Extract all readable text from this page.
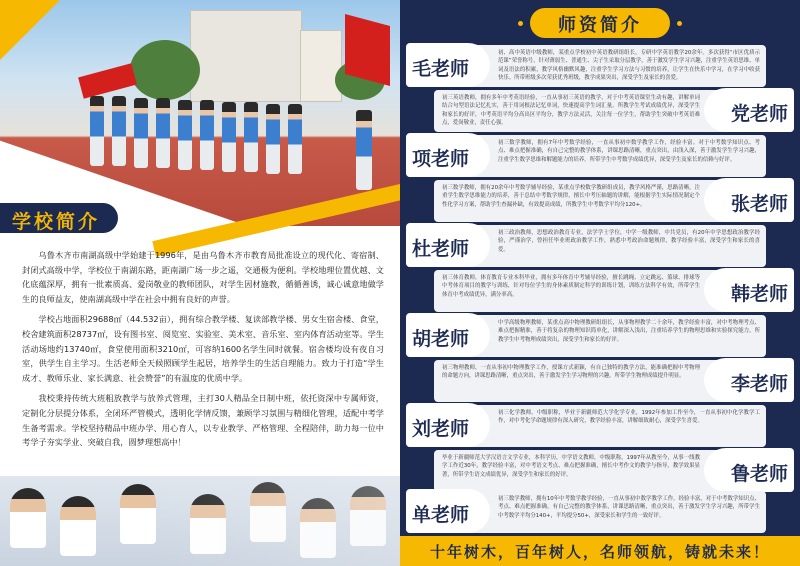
学校简介

乌鲁木齐市南湖高级中学始建于1996年，是由乌鲁木齐市教育局批准设立的现代化、寄宿制、封闭式高级中学，学校位于南湖东路，距南湖广场一步之遥，交通极为便利。学校地理位置优越、文化底蕴深厚，拥有一批素质高、爱岗敬业的教师团队，对学生因材施教，循循善诱，诚心诚意地做学生的良师益友，使南湖高级中学在社会中拥有良好的声誉。

学校占地面积29688㎡（44.532亩），拥有综合教学楼、复读部教学楼、男女生宿舍楼、食堂，校舍建筑面积28737㎡，设有图书室、阅览室、实验室、美术室、音乐室、室内体育活动室等。学生活动场地约13740㎡，食堂使用面积3210㎡，可容纳1600名学生同时就餐。宿舍楼均设有夜自习室，供学生自主学习。生活老师全天候照顾学生起居，培养学生的生活自理能力。致力于打造“学生成才、教师乐业、家长满意、社会赞誉”的有温度的优质中学。

我校秉持传统大班粗放教学与放养式管理，主打30人精品全日制中班，依托资深中专属师资，定制化分层提分体系，全闭环严管模式，透明化学情反馈，兼顾学习氛围与精细化管理，适配中考学生备考需求。学校坚持精品中班办学、用心育人，以专业教学、严格管理、全程陪伴，助力每一位中考学子夯实学业、突破自我，圆梦理想高中！

师资简介
毛老师
初、高中英语中级教师，某重点学校初中英语教研组组长，专研中学英语教学20余年。多次获得“市区优质示范课”荣誉称号，针对薄弱生、普通生、尖子生采取分层教学，善于激发学生学习兴趣，注重学生英语思维、单词及语法的积累，教学风格幽默风趣，注重学生学习方法与习惯的培养，让学生在快乐中学习，在学习中收获快乐。所带班级多次荣获优秀班级，教学成果突出，深受学生及家长的喜爱。
党老师
初三英语教师，拥有多年中考英语经验，一直从事初三英语的教学，对于中考英语课堂生动有趣，讲解单词结合句型语法记忆扎实，善于用词根法记忆单词，快速提高学生词汇量。所教学生考试成绩优异，深受学生和家长的好评，中考英语平均分高出区平均分，教学方法灵活，关注每一位学生，帮助学生突破中考英语难点，爱岗敬业，责任心强。
项老师
初三数学教师，拥有7年中考数学经验，一直从事初中数学教学工作，经验丰富。对于中考数学知识点、考点、难点把握准确，有自己完整的教学体系，讲课思路清晰，重点突出，由浅入深，善于激发学生学习兴趣，注重学生数学思维和解题能力的培养。所带学生中考数学成绩优异，深受学生及家长的信赖与好评。
张老师
初三数学教师，拥有20余年中考数学辅导经验，某重点学校数学教研组成员，教学风格严谨，思路清晰，注重学生数学思维能力的培养，善于总结中考数学规律，擅长中考压轴题的讲解，能根据学生实际情况制定个性化学习方案，帮助学生查漏补缺，有效提高成绩，所教学生中考数学平均分120+。
杜老师
初三政治教师，思想政治教育专业，法学学士学位，中学一级教师，中共党员，有20年中学思想政治教学经验，严谨治学，曾担任毕业班政治教学工作，熟悉中考政治命题规律，教学经验丰富，深受学生和家长的喜爱。
韩老师
初三体育教师，体育教育专业本科毕业，拥有多年体育中考辅导经验，擅长跳绳、立定跳远、篮球、排球等中考体育项目的教学与训练，针对每位学生的身体素质制定科学的训练计划，训练方法科学有效，所带学生体育中考成绩优异，满分率高。
胡老师
中学高级物理教师，某重点高中物理教研组组长，从事物理教学二十余年，教学经验丰富，对中考物理考点、难点把握精准，善于将复杂的物理知识简单化，讲解深入浅出，注重培养学生的物理思维和实验探究能力，所教学生中考物理成绩突出，深受学生和家长的好评。
李老师
初三物理教师，一直从事初中物理教学工作，授课方式新颖，有自己独特的教学方法，能准确把握中考物理的命题方向，讲课思路清晰，重点突出，善于激发学生学习物理的兴趣，所带学生物理成绩提升明显。
刘老师
初三化学教师，中级职称，毕业于新疆师范大学化学专业，1992年参加工作至今，一直从事初中化学教学工作，对中考化学命题规律有深入研究，教学经验丰富，讲解细致耐心，深受学生喜爱。
鲁老师
毕业于新疆师范大学汉语言文学专业，本科学历，中学语文教师，中级职称，1997年从教至今，从事一线教学工作近30年，教学经验丰富，对中考语文考点、难点把握准确，擅长中考作文的教学与指导，教学效果显著，所带学生语文成绩优异，深受学生和家长的好评。
单老师
初三数学教师，拥有10年中考数学教学经验，一直从事初中数学教学工作，经验丰富，对于中考数学知识点、考点、难点把握准确，有自己完整的教学体系，讲课思路清晰，重点突出，善于激发学生学习兴趣，所带学生中考数学平均分140+，平均提分50+，深受家长和学生的一致好评。
十年树木，百年树人，名师领航，铸就未来！
